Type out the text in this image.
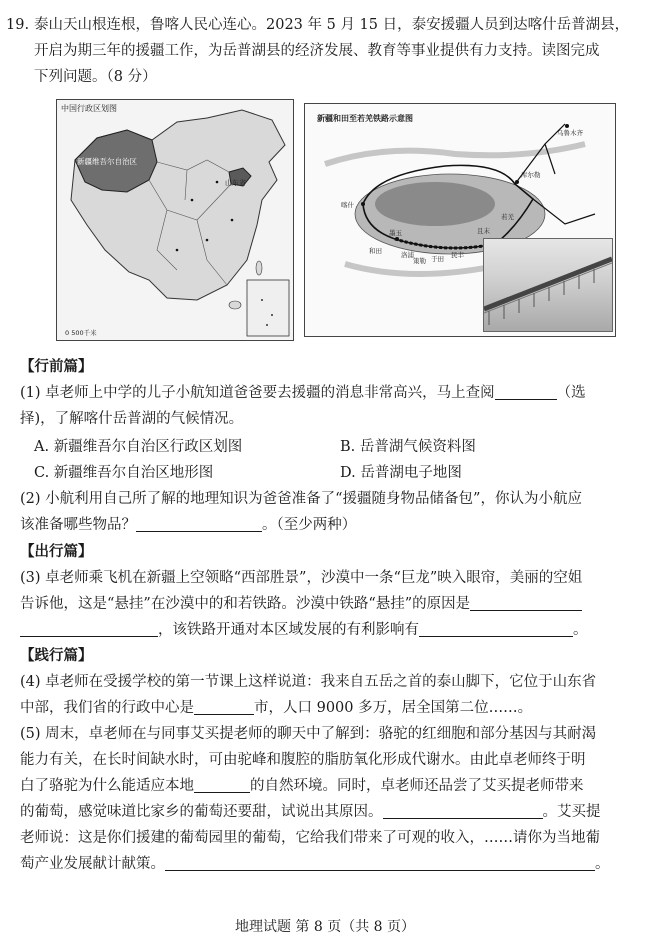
19. 泰山天山根连根，鲁喀人民心连心。2023 年 5 月 15 日，泰安援疆人员到达喀什岳普湖县，
开启为期三年的援疆工作，为岳普湖县的经济发展、教育等事业提供有力支持。读图完成
下列问题。（8 分）
中国行政区划图
新疆维吾尔自治区
山东省
0 500千米
新疆和田至若羌铁路示意图
乌鲁木齐
库尔勒
喀什
和田
若羌
且末
民丰
于田
策勒
洛浦
墨玉
【行前篇】
(1) 卓老师上中学的儿子小航知道爸爸要去援疆的消息非常高兴，马上查阅	（选
择)，了解喀什岳普湖的气候情况。
A. 新疆维吾尔自治区行政区划图	B. 岳普湖气候资料图
C. 新疆维吾尔自治区地形图	D. 岳普湖电子地图
(2) 小航利用自己所了解的地理知识为爸爸准备了“援疆随身物品储备包”，你认为小航应
该准备哪些物品？	。（至少两种）
【出行篇】
(3) 卓老师乘飞机在新疆上空领略“西部胜景”，沙漠中一条“巨龙”映入眼帘，美丽的空姐
告诉他，这是“悬挂”在沙漠中的和若铁路。沙漠中铁路“悬挂”的原因是
，该铁路开通对本区域发展的有利影响有	。
【践行篇】
(4) 卓老师在受援学校的第一节课上这样说道：我来自五岳之首的泰山脚下，它位于山东省
中部，我们省的行政中心是	市，人口 9000 多万，居全国第二位……。
(5) 周末，卓老师在与同事艾买提老师的聊天中了解到：骆驼的红细胞和部分基因与其耐渴
能力有关，在长时间缺水时，可由驼峰和腹腔的脂肪氧化形成代谢水。由此卓老师终于明
白了骆驼为什么能适应本地	的自然环境。同时，卓老师还品尝了艾买提老师带来
的葡萄，感觉味道比家乡的葡萄还要甜，试说出其原因。	。艾买提
老师说：这是你们援建的葡萄园里的葡萄，它给我们带来了可观的收入，……请你为当地葡
萄产业发展献计献策。	。
地理试题 第 8 页（共 8 页）
